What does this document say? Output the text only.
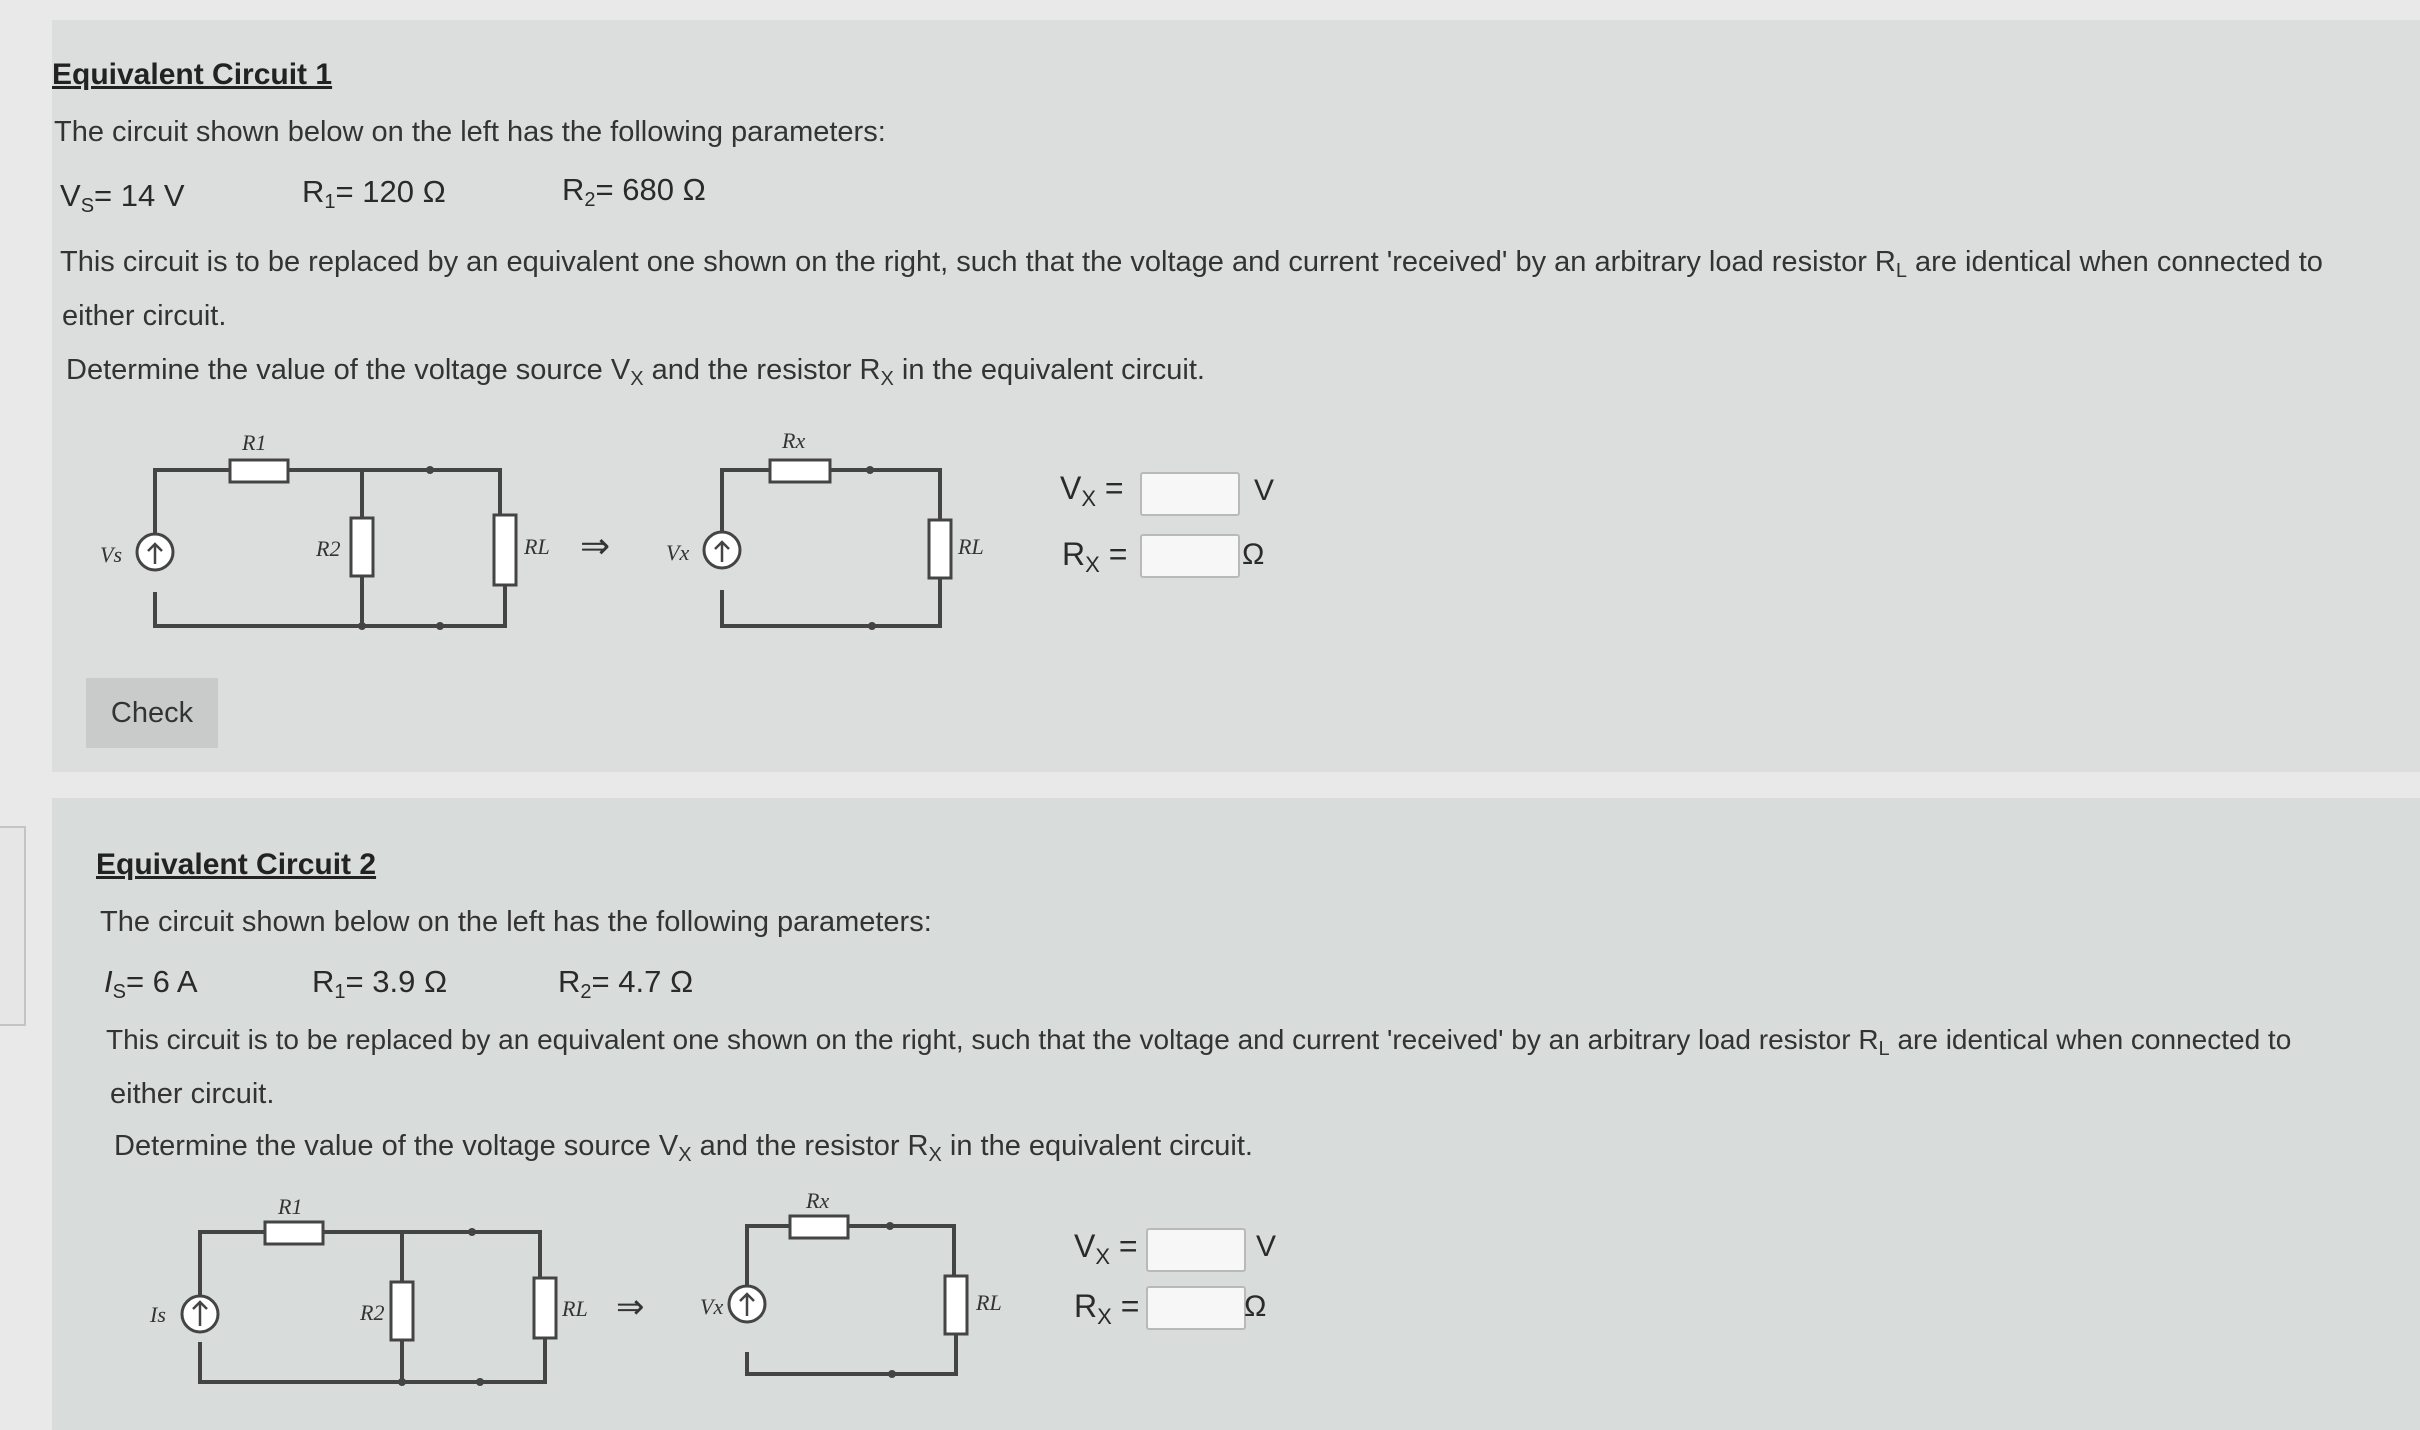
Equivalent Circuit 1
The circuit shown below on the left has the following parameters:
$V_S= 14$ V	$R_1= 120$ Ω	$R_2= 680$ Ω
This circuit is to be replaced by an equivalent one shown on the right, such that the voltage and current 'received' by an arbitrary load resistor $R_L$ are identical when connected to
either circuit.
Determine the value of the voltage source $V_X$ and the resistor $R_X$ in the equivalent circuit.
Vs
R1
R2	RL ⇒	Vx
Rx
RL
$V_X$ =	V
$R_X$ =	Ω
Check
Equivalent Circuit 2
The circuit shown below on the left has the following parameters:
$I_S= 6$ A	$R_1= 3.9$ Ω	$R_2= 4.7$ Ω
This circuit is to be replaced by an equivalent one shown on the right, such that the voltage and current 'received' by an arbitrary load resistor $R_L$ are identical when connected to
either circuit.
Determine the value of the voltage source $V_X$ and the resistor $R_X$ in the equivalent circuit.
Is
R1
R2	RL ⇒	Vx
Rx
RL
$V_X$ =	V
$R_X$ =	Ω
